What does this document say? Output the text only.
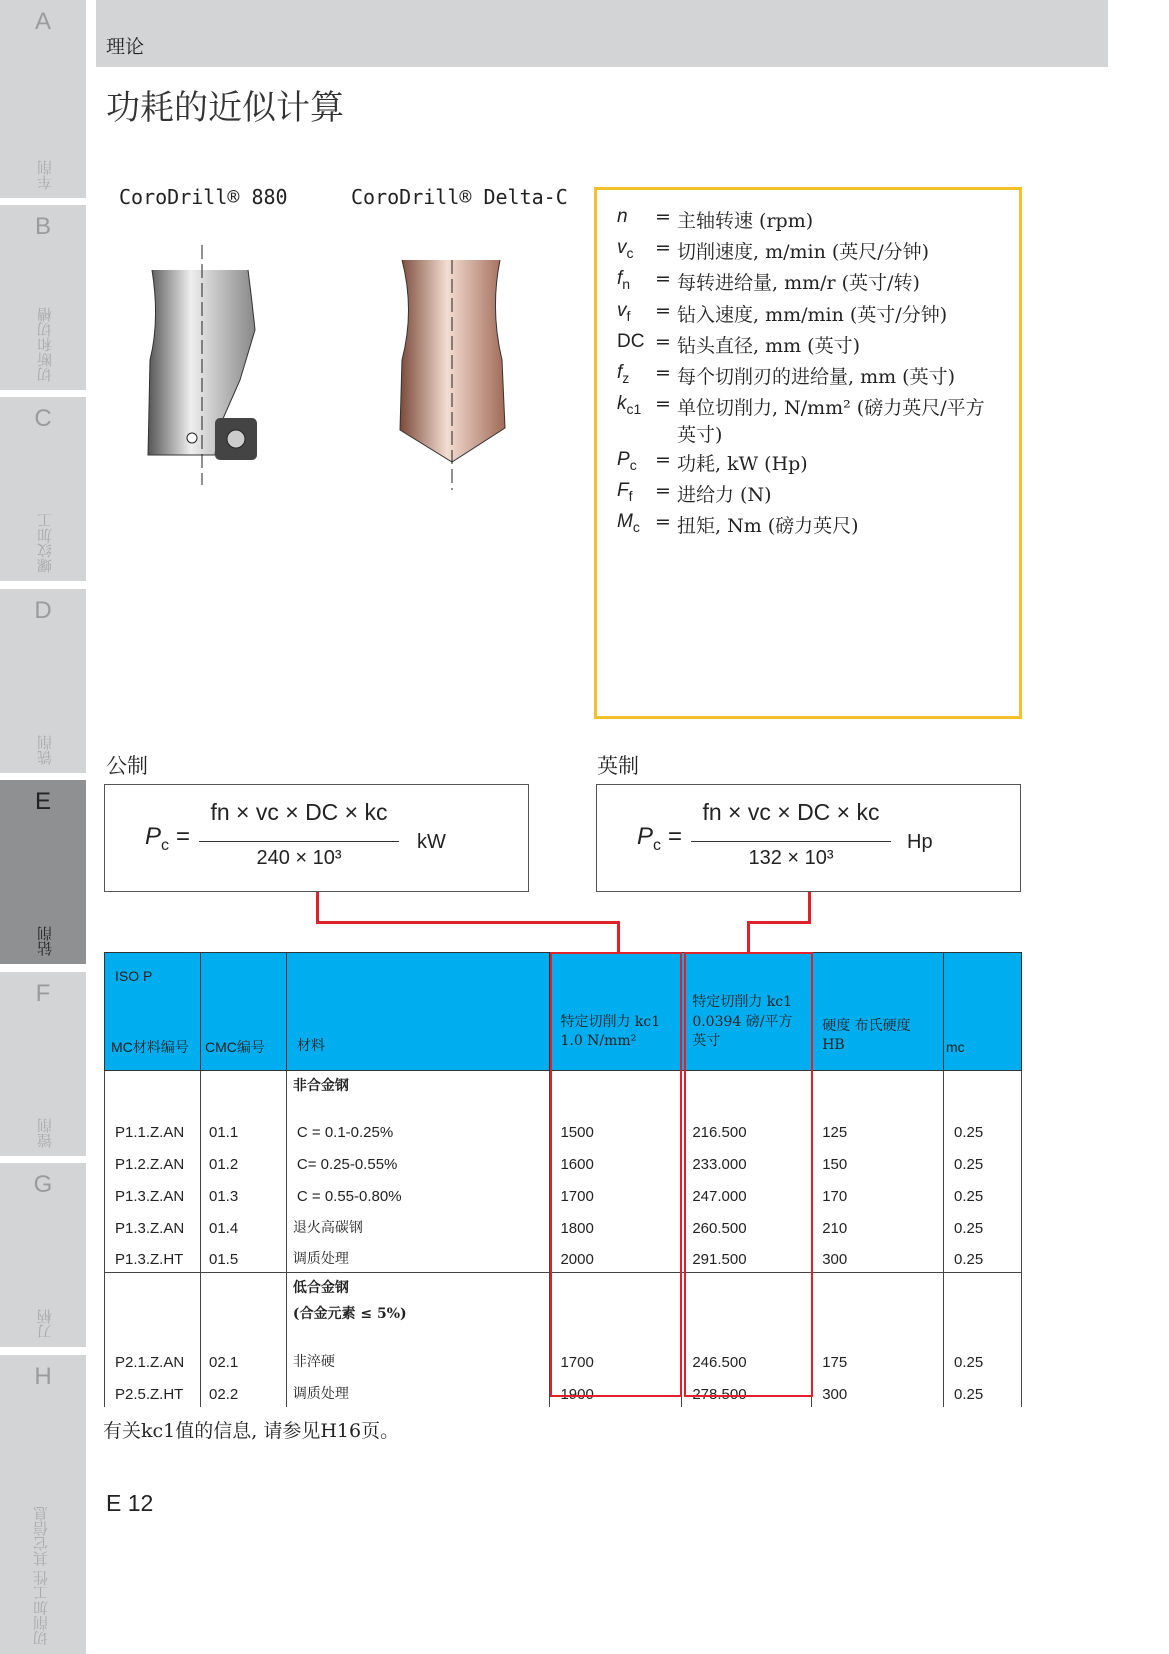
A
车削
B
切断和切槽
C
螺纹加工
D
铣削
E
钻削
F
镗削
G
刀柄
H
切削加工性 其它信息
理论
功耗的近似计算
CoroDrill® 880	CoroDrill® Delta-C
n	= 主轴转速 (rpm)
$v_c$	= 切削速度, m/min (英尺/分钟)
$f_n$	= 每转进给量, mm/r (英寸/转)
$v_f$	= 钻入速度, mm/min (英寸/分钟)
DC = 钻头直径, mm (英寸)
$f_z$	= 每个切削刃的进给量, mm (英寸)
$k_{c1}$ = 单位切削力, N/mm² (磅力英尺/平方英寸)
$P_c$ = 功耗, kW (Hp)
$F_f$	= 进给力 (N)
$M_c$ = 扭矩, Nm (磅力英尺)
公制	英制
$P_c$ =
fn × vc × DC × kc
240 × 10³
kW	$P_c$ =
fn × vc × DC × kc
132 × 10³
Hp
ISO P
MC材料编号	CMC编号	材料	特定切削力 kc1 1.0 N/mm²	特定切削力 kc1 0.0394 磅/平方英寸	硬度 布氏硬度 HB	mc

		非合金钢				

P1.1.Z.AN	01.1	C = 0.1-0.25%	1500	216.500	125	0.25
P1.2.Z.AN	01.2	C= 0.25-0.55%	1600	233.000	150	0.25
P1.3.Z.AN	01.3	C = 0.55-0.80%	1700	247.000	170	0.25
P1.3.Z.AN	01.4	退火高碳钢	1800	260.500	210	0.25
P1.3.Z.HT	01.5	调质处理	2000	291.500	300	0.25

		低合金钢
(合金元素 ≤ 5%)				

P2.1.Z.AN	02.1	非淬硬	1700	246.500	175	0.25
P2.5.Z.HT	02.2	调质处理	1900	278.500	300	0.25
有关kc1值的信息, 请参见H16页。
E 12
